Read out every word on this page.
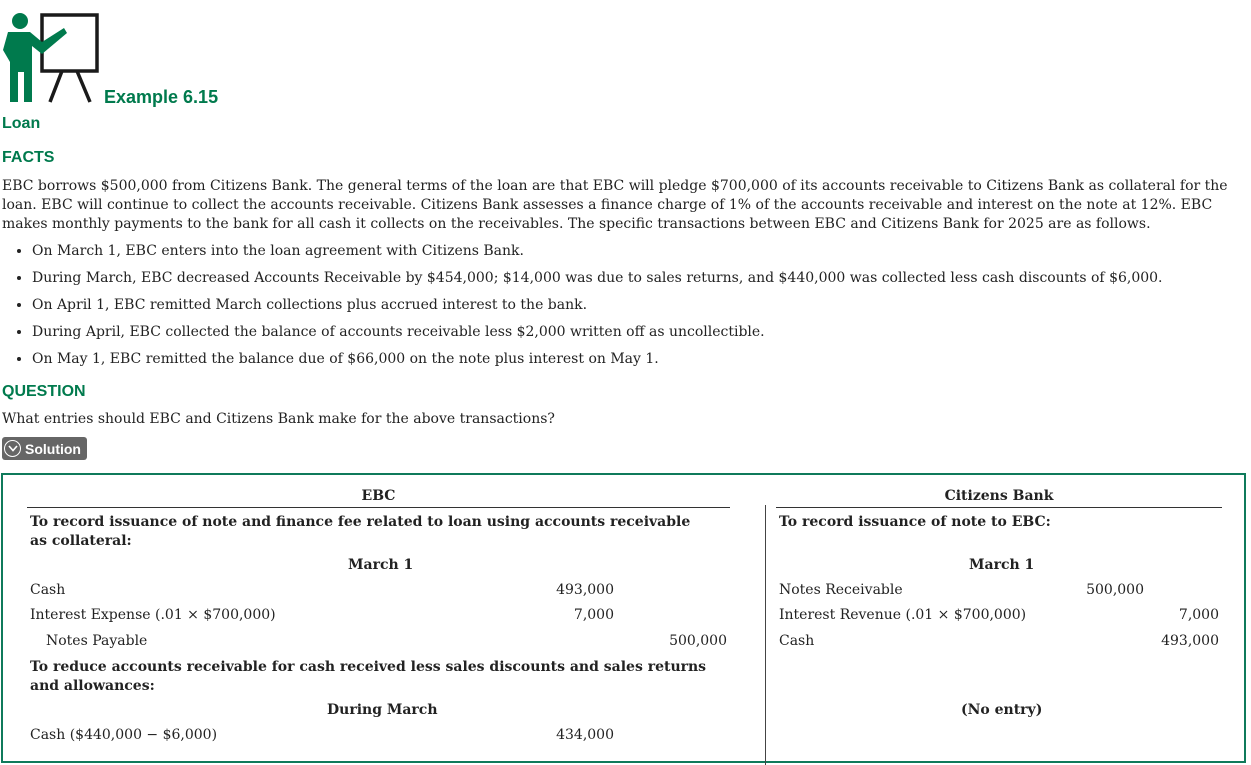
Example 6.15
Loan
FACTS
EBC borrows $500,000 from Citizens Bank. The general terms of the loan are that EBC will pledge $700,000 of its accounts receivable to Citizens Bank as collateral for the loan. EBC will continue to collect the accounts receivable. Citizens Bank assesses a finance charge of 1% of the accounts receivable and interest on the note at 12%. EBC makes monthly payments to the bank for all cash it collects on the receivables. The specific transactions between EBC and Citizens Bank for 2025 are as follows.
• On March 1, EBC enters into the loan agreement with Citizens Bank.
• During March, EBC decreased Accounts Receivable by $454,000; $14,000 was due to sales returns, and $440,000 was collected less cash discounts of $6,000.
• On April 1, EBC remitted March collections plus accrued interest to the bank.
• During April, EBC collected the balance of accounts receivable less $2,000 written off as uncollectible.
• On May 1, EBC remitted the balance due of $66,000 on the note plus interest on May 1.
QUESTION
What entries should EBC and Citizens Bank make for the above transactions?
Solution
EBC
To record issuance of note and finance fee related to loan using accounts receivable as collateral:
March 1
Cash	493,000
Interest Expense (.01 × $700,000)	7,000
Notes Payable	500,000
To reduce accounts receivable for cash received less sales discounts and sales returns and allowances:
During March
Cash ($440,000 − $6,000)	434,000
Citizens Bank
To record issuance of note to EBC:
March 1
Notes Receivable	500,000
Interest Revenue (.01 × $700,000)	7,000
Cash	493,000
(No entry)
